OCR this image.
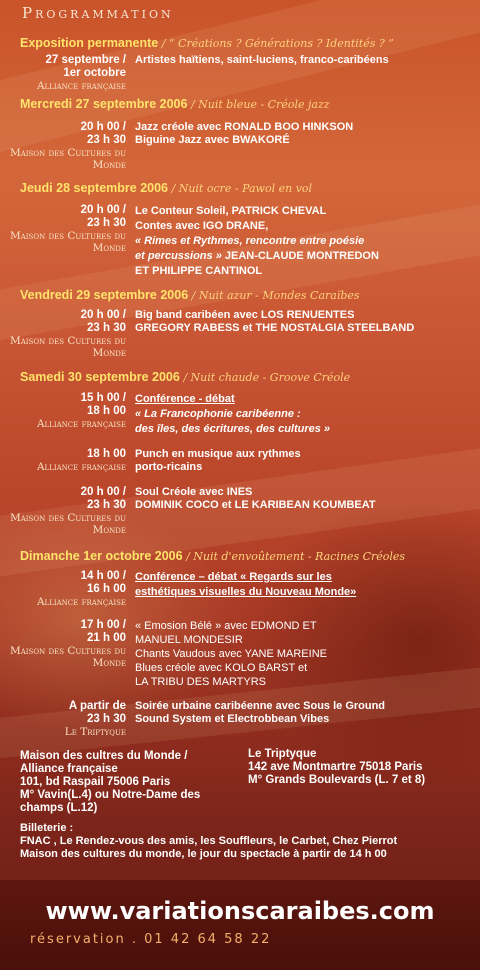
Programmation
Exposition permanente / “ Créations ? Générations ? Identités ? ”
27 septembre /
1er octobre
Alliance française
Artistes haïtiens, saint-luciens, franco-caribéens
Mercredi 27 septembre 2006 / Nuit bleue - Créole jazz
20 h 00 /
23 h 30
Maison des Cultures du Monde
Jazz créole avec RONALD BOO HINKSON
Biguine Jazz avec BWAKORÉ
Jeudi 28 septembre 2006 / Nuit ocre - Pawol en vol
20 h 00 /
23 h 30
Maison des Cultures du Monde
Le Conteur Soleil, PATRICK CHEVAL
Contes avec IGO DRANE,
« Rimes et Rythmes, rencontre entre poésie
et percussions » JEAN-CLAUDE MONTREDON
ET PHILIPPE CANTINOL
Vendredi 29 septembre 2006 / Nuit azur - Mondes Caraïbes
20 h 00 /
23 h 30
Maison des Cultures du Monde
Big band caribéen avec LOS RENUENTES
GREGORY RABESS et THE NOSTALGIA STEELBAND
Samedi 30 septembre 2006 / Nuit chaude - Groove Créole
15 h 00 /
18 h 00
Alliance française
Conférence - débat
« La Francophonie caribéenne :
des îles, des écritures, des cultures »
18 h 00
Alliance française
Punch en musique aux rythmes
porto-ricains
20 h 00 /
23 h 30
Maison des Cultures du Monde
Soul Créole avec INES
DOMINIK COCO et LE KARIBEAN KOUMBEAT
Dimanche 1er octobre 2006 / Nuit d'envoûtement - Racines Créoles
14 h 00 /
16 h 00
Alliance française
Conférence – débat « Regards sur les
esthétiques visuelles du Nouveau Monde»
17 h 00 /
21 h 00
Maison des Cultures du Monde
« Emosion Bélé » avec EDMOND ET
MANUEL MONDESIR
Chants Vaudous avec YANE MAREINE
Blues créole avec KOLO BARST et
LA TRIBU DES MARTYRS
A partir de
23 h 30
Le Triptyque
Soirée urbaine caribéenne avec Sous le Ground
Sound System et Electrobbean Vibes
Maison des cultres du Monde /
Alliance française
101, bd Raspail 75006 Paris
M° Vavin(L.4) ou Notre-Dame des
champs (L.12)
Le Triptyque
142 ave Montmartre 75018 Paris
M° Grands Boulevards (L. 7 et 8)
Billeterie :
FNAC , Le Rendez-vous des amis, les Souffleurs, le Carbet, Chez Pierrot
Maison des cultures du monde, le jour du spectacle à partir de 14 h 00
www.variationscaraibes.com
réservation . 01 42 64 58 22
